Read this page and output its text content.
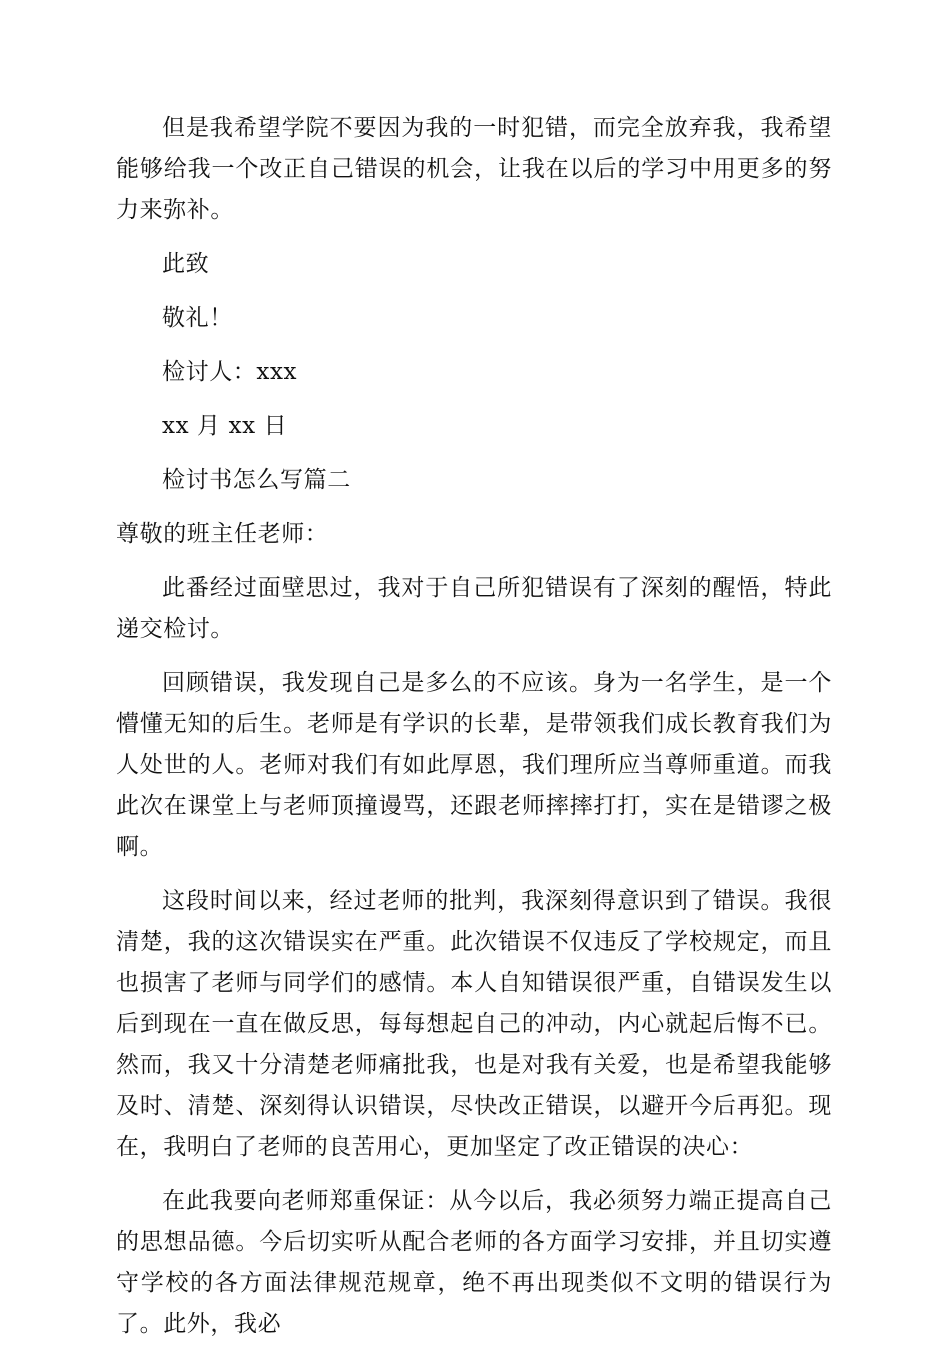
但是我希望学院不要因为我的一时犯错，而完全放弃我，我希望能够给我一个改正自己错误的机会，让我在以后的学习中用更多的努力来弥补。

此致

敬礼！

检讨人：xxx

xx 月 xx 日

检讨书怎么写篇二

尊敬的班主任老师：

此番经过面壁思过，我对于自己所犯错误有了深刻的醒悟，特此递交检讨。

回顾错误，我发现自己是多么的不应该。身为一名学生，是一个懵懂无知的后生。老师是有学识的长辈，是带领我们成长教育我们为人处世的人。老师对我们有如此厚恩，我们理所应当尊师重道。而我此次在课堂上与老师顶撞谩骂，还跟老师摔摔打打，实在是错谬之极啊。

这段时间以来，经过老师的批判，我深刻得意识到了错误。我很清楚，我的这次错误实在严重。此次错误不仅违反了学校规定，而且也损害了老师与同学们的感情。本人自知错误很严重，自错误发生以后到现在一直在做反思，每每想起自己的冲动，内心就起后悔不已。然而，我又十分清楚老师痛批我，也是对我有关爱，也是希望我能够及时、清楚、深刻得认识错误，尽快改正错误，以避开今后再犯。现在，我明白了老师的良苦用心，更加坚定了改正错误的决心：

在此我要向老师郑重保证：从今以后，我必须努力端正提高自己的思想品德。今后切实听从配合老师的各方面学习安排，并且切实遵守学校的各方面法律规范规章，绝不再出现类似不文明的错误行为了。此外，我必
